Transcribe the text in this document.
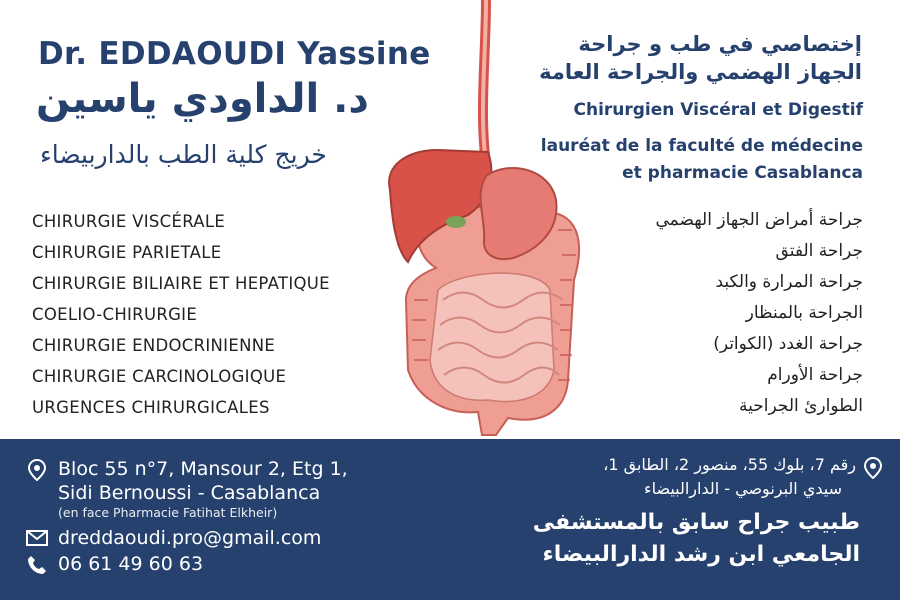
Dr. EDDAOUDI Yassine
د. الداودي ياسين
خريج كلية الطب بالداربيضاء
إختصاصي في طب و جراحة
الجهاز الهضمي والجراحة العامة
Chirurgien Viscéral et Digestif
lauréat de la faculté de médecine
et pharmacie Casablanca
CHIRURGIE VISCÉRALE
CHIRURGIE PARIETALE
CHIRURGIE BILIAIRE ET HEPATIQUE
COELIO-CHIRURGIE
CHIRURGIE ENDOCRINIENNE
CHIRURGIE CARCINOLOGIQUE
URGENCES CHIRURGICALES
جراحة أمراض الجهاز الهضمي
جراحة الفتق
جراحة المرارة والكبد
الجراحة بالمنظار
جراحة الغدد (الكواتر)
جراحة الأورام
الطوارئ الجراحية
Bloc 55 n°7, Mansour 2, Etg 1,
Sidi Bernoussi - Casablanca
(en face Pharmacie Fatihat Elkheir)
dreddaoudi.pro@gmail.com
06 61 49 60 63
رقم 7، بلوك 55، منصور 2، الطابق 1،
سيدي البرنوصي - الدارالبيضاء
طبيب جراح سابق بالمستشفى
الجامعي ابن رشد الدارالبيضاء
